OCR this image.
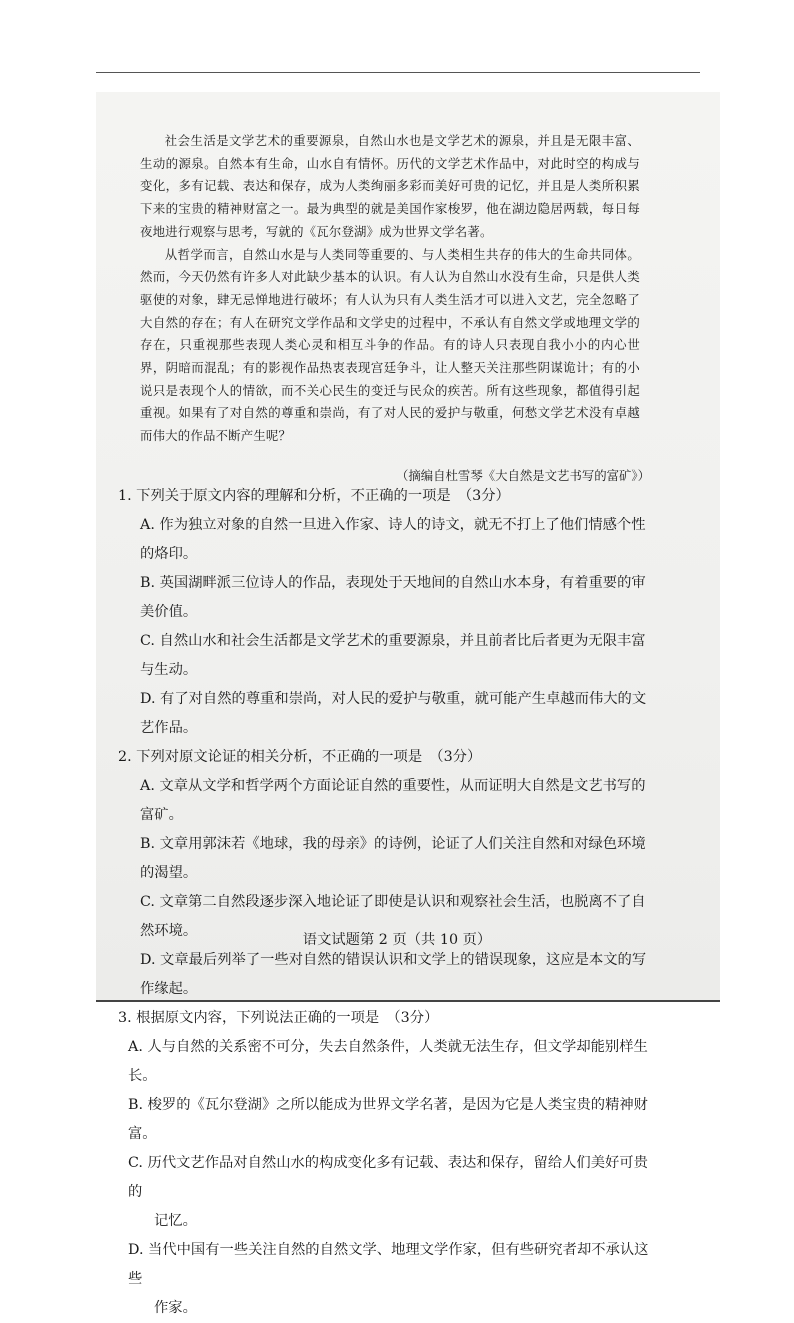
社会生活是文学艺术的重要源泉，自然山水也是文学艺术的源泉，并且是无限丰富、生动的源泉。自然本有生命，山水自有情怀。历代的文学艺术作品中，对此时空的构成与变化，多有记载、表达和保存，成为人类绚丽多彩而美好可贵的记忆，并且是人类所积累下来的宝贵的精神财富之一。最为典型的就是美国作家梭罗，他在湖边隐居两载，每日每夜地进行观察与思考，写就的《瓦尔登湖》成为世界文学名著。

从哲学而言，自然山水是与人类同等重要的、与人类相生共存的伟大的生命共同体。然而，今天仍然有许多人对此缺少基本的认识。有人认为自然山水没有生命，只是供人类驱使的对象，肆无忌惮地进行破坏；有人认为只有人类生活才可以进入文艺，完全忽略了大自然的存在；有人在研究文学作品和文学史的过程中，不承认有自然文学或地理文学的存在，只重视那些表现人类心灵和相互斗争的作品。有的诗人只表现自我小小的内心世界，阴暗而混乱；有的影视作品热衷表现宫廷争斗，让人整天关注那些阴谋诡计；有的小说只是表现个人的情欲，而不关心民生的变迁与民众的疾苦。所有这些现象，都值得引起重视。如果有了对自然的尊重和崇尚，有了对人民的爱护与敬重，何愁文学艺术没有卓越而伟大的作品不断产生呢？

（摘编自杜雪琴《大自然是文艺书写的富矿》）

1. 下列关于原文内容的理解和分析，不正确的一项是　（3分）

A. 作为独立对象的自然一旦进入作家、诗人的诗文，就无不打上了他们情感个性的烙印。

B. 英国湖畔派三位诗人的作品，表现处于天地间的自然山水本身，有着重要的审美价值。

C. 自然山水和社会生活都是文学艺术的重要源泉，并且前者比后者更为无限丰富与生动。

D. 有了对自然的尊重和崇尚，对人民的爱护与敬重，就可能产生卓越而伟大的文艺作品。

2. 下列对原文论证的相关分析，不正确的一项是　（3分）

A. 文章从文学和哲学两个方面论证自然的重要性，从而证明大自然是文艺书写的富矿。

B. 文章用郭沫若《地球，我的母亲》的诗例，论证了人们关注自然和对绿色环境的渴望。

C. 文章第二自然段逐步深入地论证了即使是认识和观察社会生活，也脱离不了自然环境。

D. 文章最后列举了一些对自然的错误认识和文学上的错误现象，这应是本文的写作缘起。

3. 根据原文内容，下列说法正确的一项是　（3分）

A. 人与自然的关系密不可分，失去自然条件，人类就无法生存，但文学却能别样生长。

B. 梭罗的《瓦尔登湖》之所以能成为世界文学名著，是因为它是人类宝贵的精神财富。

C. 历代文艺作品对自然山水的构成变化多有记载、表达和保存，留给人们美好可贵的
记忆。

D. 当代中国有一些关注自然的自然文学、地理文学作家，但有些研究者却不承认这些
作家。

语文试题第 2 页（共 10 页）
